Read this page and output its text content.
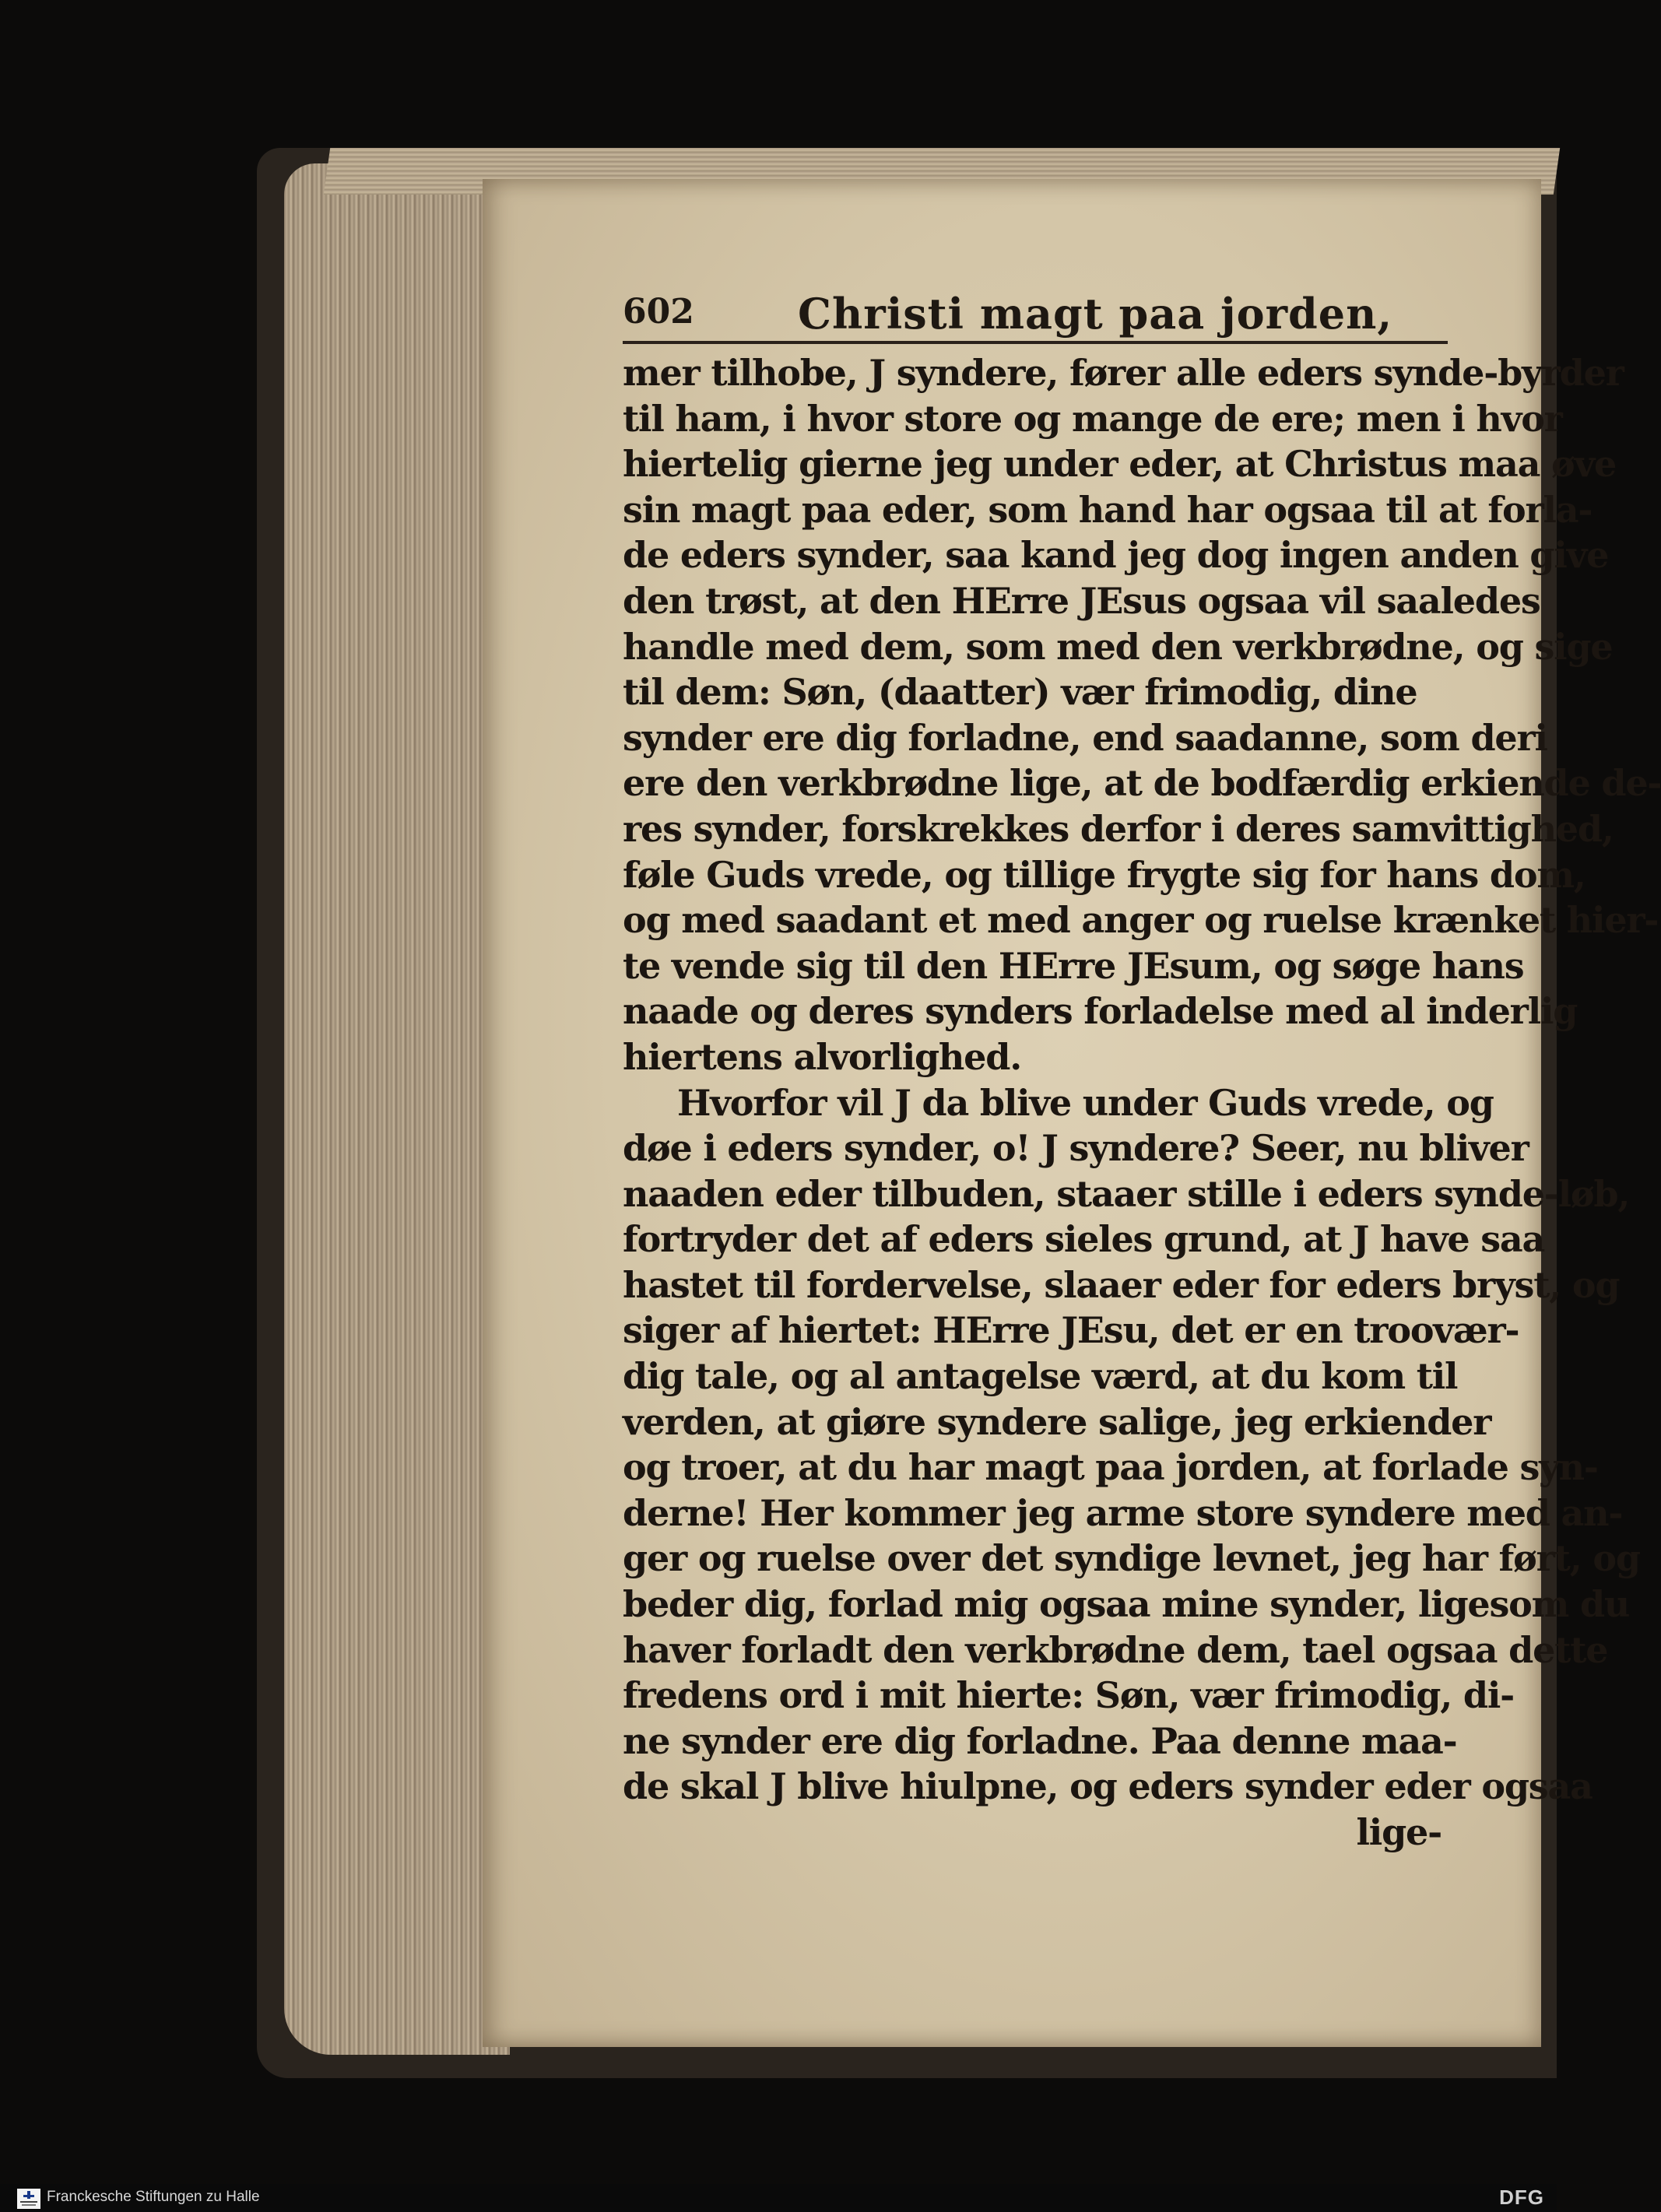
602 Christi magt paa jorden,
mer tilhobe, J syndere, fører alle eders synde-byrder
til ham, i hvor store og mange de ere; men i hvor
hiertelig gierne jeg under eder, at Christus maa øve
sin magt paa eder, som hand har ogsaa til at forla-
de eders synder, saa kand jeg dog ingen anden give
den trøst, at den HErre JEsus ogsaa vil saaledes
handle med dem, som med den verkbrødne, og sige
til dem: Søn, (daatter) vær frimodig, dine
synder ere dig forladne, end saadanne, som deri
ere den verkbrødne lige, at de bodfærdig erkiende de-
res synder, forskrekkes derfor i deres samvittighed,
føle Guds vrede, og tillige frygte sig for hans dom,
og med saadant et med anger og ruelse krænket hier-
te vende sig til den HErre JEsum, og søge hans
naade og deres synders forladelse med al inderlig
hiertens alvorlighed.
Hvorfor vil J da blive under Guds vrede, og
døe i eders synder, o! J syndere? Seer, nu bliver
naaden eder tilbuden, staaer stille i eders synde-løb,
fortryder det af eders sieles grund, at J have saa
hastet til fordervelse, slaaer eder for eders bryst, og
siger af hiertet: HErre JEsu, det er en troovær-
dig tale, og al antagelse værd, at du kom til
verden, at giøre syndere salige, jeg erkiender
og troer, at du har magt paa jorden, at forlade syn-
derne! Her kommer jeg arme store syndere med an-
ger og ruelse over det syndige levnet, jeg har ført, og
beder dig, forlad mig ogsaa mine synder, ligesom du
haver forladt den verkbrødne dem, tael ogsaa dette
fredens ord i mit hierte: Søn, vær frimodig, di-
ne synder ere dig forladne. Paa denne maa-
de skal J blive hiulpne, og eders synder eder ogsaa
lige-
Franckesche Stiftungen zu Halle	DFG
